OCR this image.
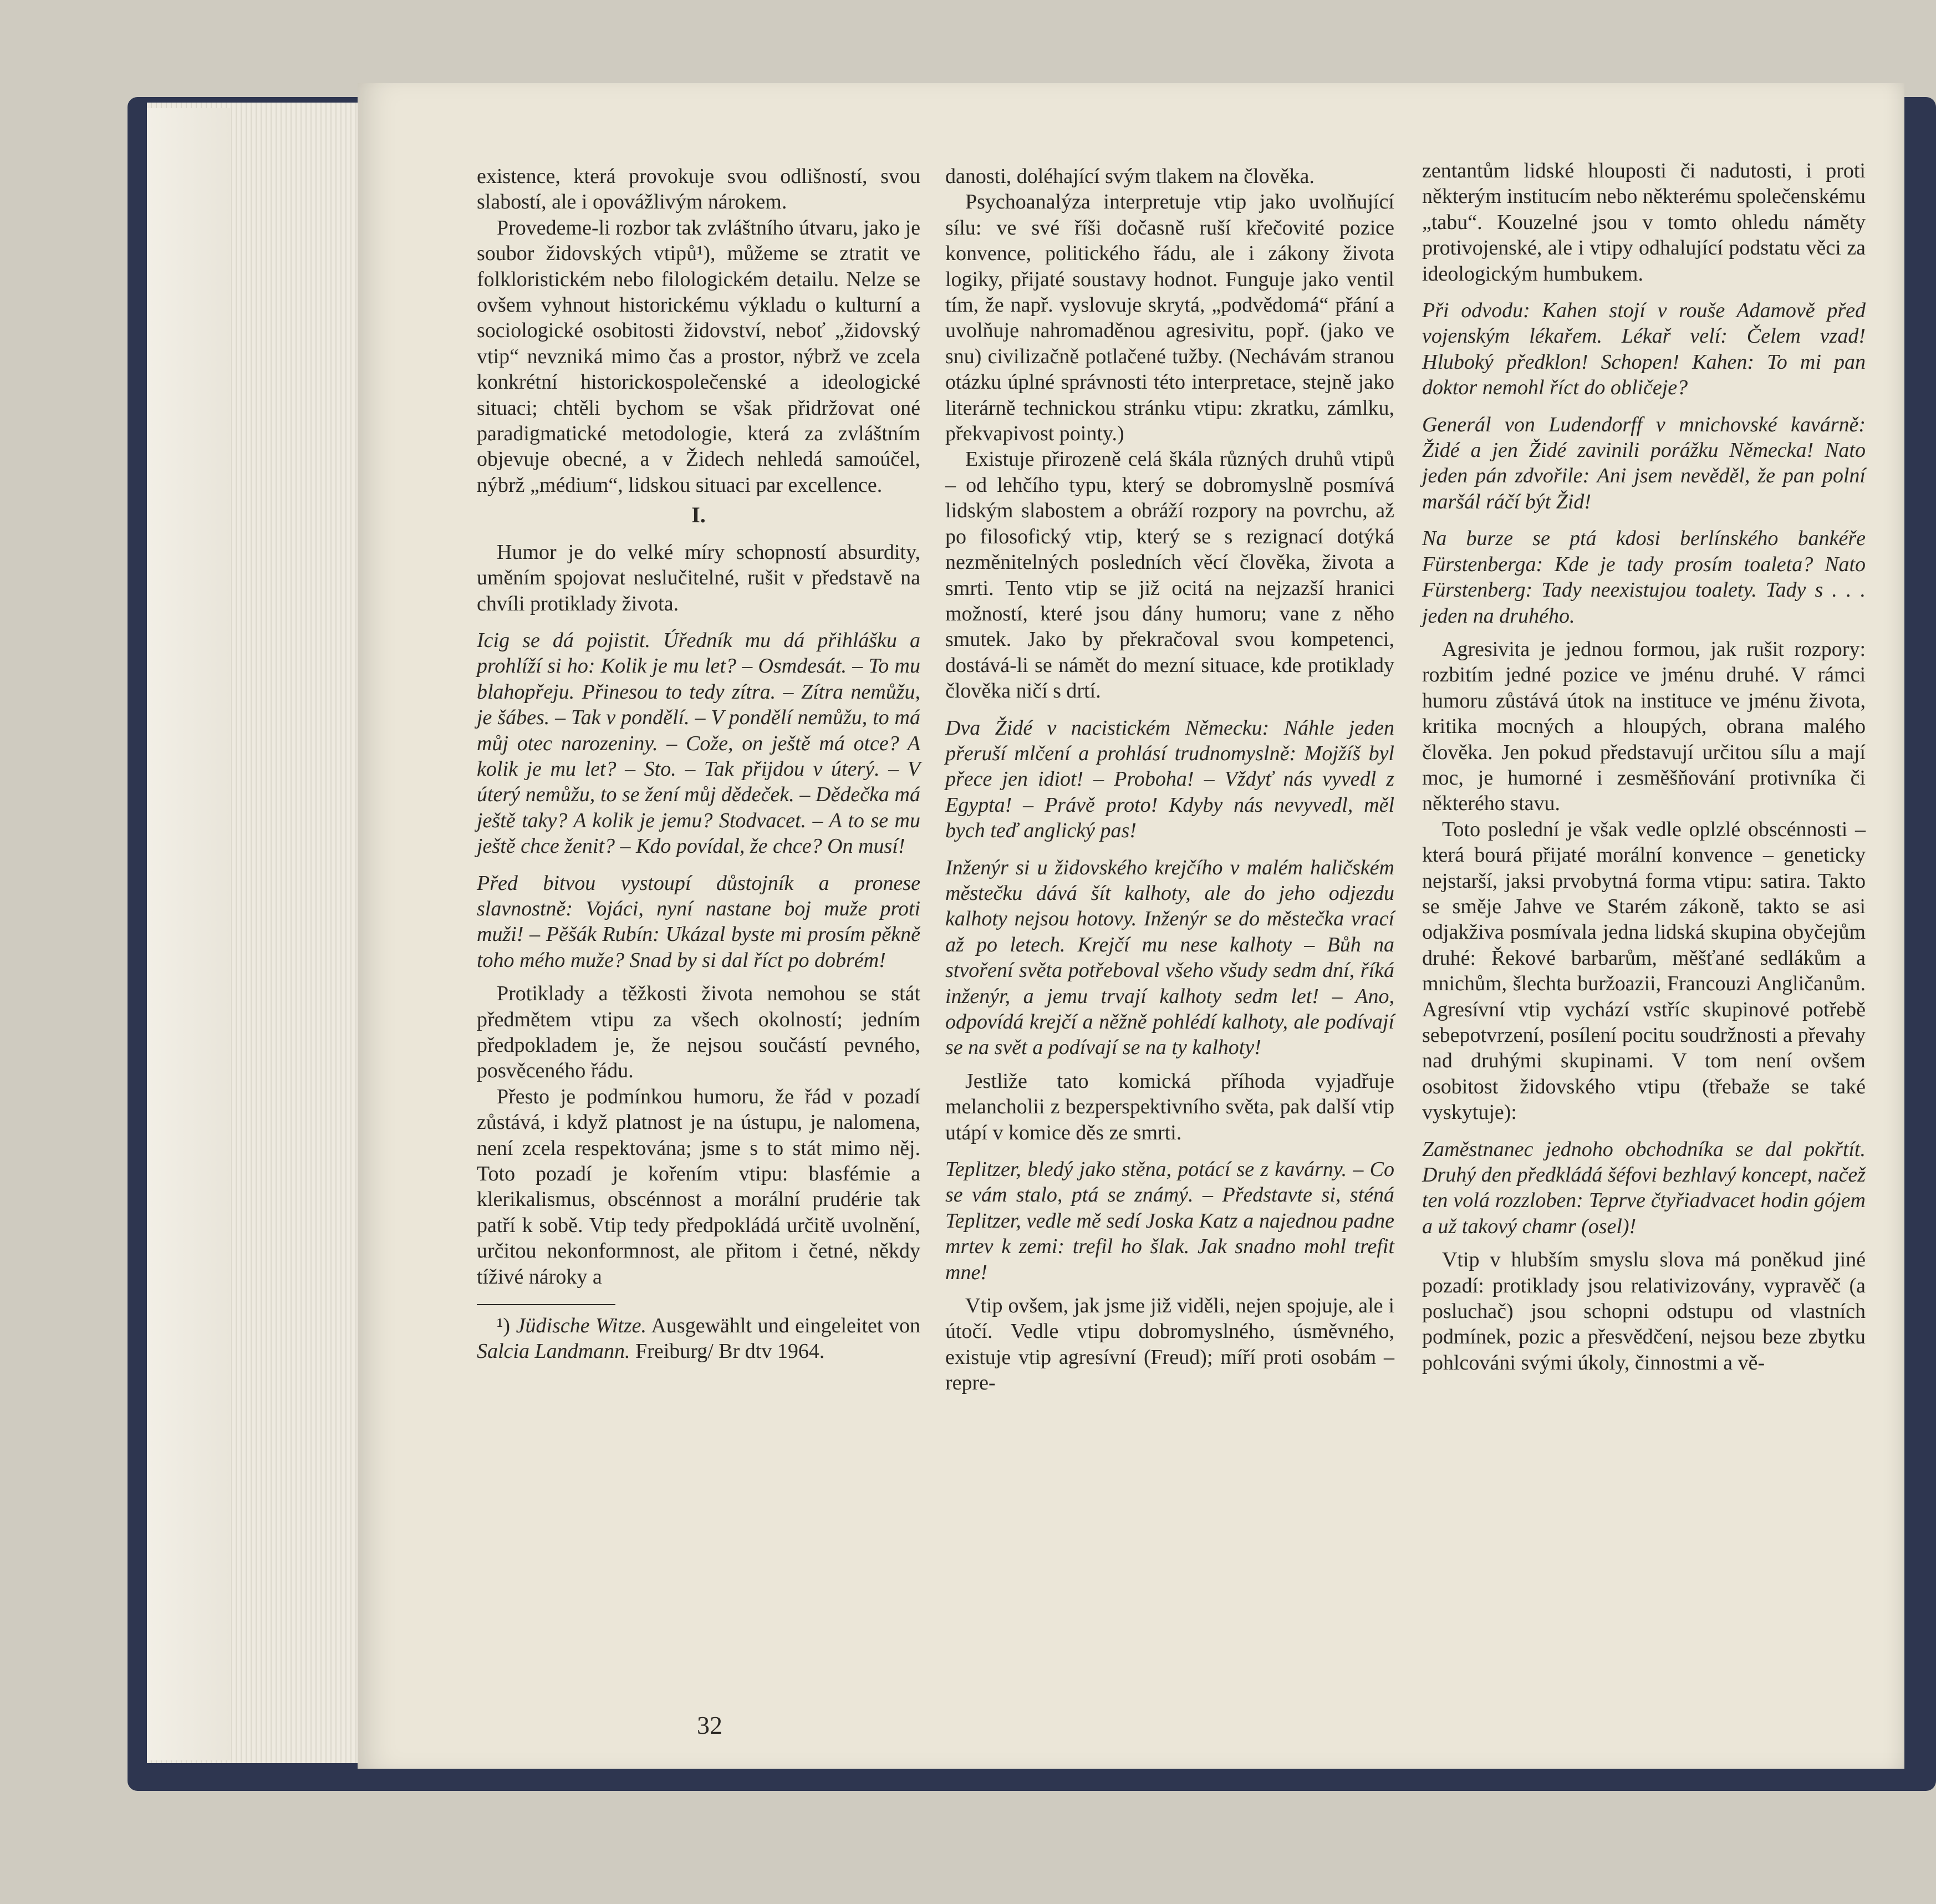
existence, která provokuje svou odlišností, svou slabostí, ale i opovážlivým nárokem.

Provedeme-li rozbor tak zvláštního útvaru, jako je soubor židovských vtipů¹), můžeme se ztratit ve folkloristickém nebo filologickém detailu. Nelze se ovšem vyhnout historickému výkladu o kulturní a sociologické osobitosti židovství, neboť „židovský vtip“ nevzniká mimo čas a prostor, nýbrž ve zcela konkrétní historickospolečenské a ideologické situaci; chtěli bychom se však přidržovat oné paradigmatické metodologie, která za zvláštním objevuje obecné, a v Židech nehledá samoúčel, nýbrž „médium“, lidskou situaci par excellence.

I.

Humor je do velké míry schopností absurdity, uměním spojovat neslučitelné, rušit v představě na chvíli protiklady života.

Icig se dá pojistit. Úředník mu dá přihlášku a prohlíží si ho: Kolik je mu let? – Osmdesát. – To mu blahopřeju. Přinesou to tedy zítra. – Zítra nemůžu, je šábes. – Tak v pondělí. – V pondělí nemůžu, to má můj otec narozeniny. – Cože, on ještě má otce? A kolik je mu let? – Sto. – Tak přijdou v úterý. – V úterý nemůžu, to se žení můj dědeček. – Dědečka má ještě taky? A kolik je jemu? Stodvacet. – A to se mu ještě chce ženit? – Kdo povídal, že chce? On musí!

Před bitvou vystoupí důstojník a pronese slavnostně: Vojáci, nyní nastane boj muže proti muži! – Pěšák Rubín: Ukázal byste mi prosím pěkně toho mého muže? Snad by si dal říct po dobrém!

Protiklady a těžkosti života nemohou se stát předmětem vtipu za všech okolností; jedním předpokladem je, že nejsou součástí pevného, posvěceného řádu.

Přesto je podmínkou humoru, že řád v pozadí zůstává, i když platnost je na ústupu, je nalomena, není zcela respektována; jsme s to stát mimo něj. Toto pozadí je kořením vtipu: blasfémie a klerikalismus, obscénnost a morální prudérie tak patří k sobě. Vtip tedy předpokládá určitě uvolnění, určitou nekonformnost, ale přitom i četné, někdy tíživé nároky a

¹) Jüdische Witze. Ausgewählt und eingeleitet von Salcia Landmann. Freiburg/ Br dtv 1964.

danosti, doléhající svým tlakem na člověka.

Psychoanalýza interpretuje vtip jako uvolňující sílu: ve své říši dočasně ruší křečovité pozice konvence, politického řádu, ale i zákony života logiky, přijaté soustavy hodnot. Funguje jako ventil tím, že např. vyslovuje skrytá, „podvědomá“ přání a uvolňuje nahromaděnou agresivitu, popř. (jako ve snu) civilizačně potlačené tužby. (Nechávám stranou otázku úplné správnosti této interpretace, stejně jako literárně technickou stránku vtipu: zkratku, zámlku, překvapivost pointy.)

Existuje přirozeně celá škála různých druhů vtipů – od lehčího typu, který se dobromyslně posmívá lidským slabostem a obráží rozpory na povrchu, až po filosofický vtip, který se s rezignací dotýká nezměnitelných posledních věcí člověka, života a smrti. Tento vtip se již ocitá na nejzazší hranici možností, které jsou dány humoru; vane z něho smutek. Jako by překračoval svou kompetenci, dostává-li se námět do mezní situace, kde protiklady člověka ničí s drtí.

Dva Židé v nacistickém Německu: Náhle jeden přeruší mlčení a prohlásí trudnomyslně: Mojžíš byl přece jen idiot! – Proboha! – Vždyť nás vyvedl z Egypta! – Právě proto! Kdyby nás nevyvedl, měl bych teď anglický pas!

Inženýr si u židovského krejčího v malém haličském městečku dává šít kalhoty, ale do jeho odjezdu kalhoty nejsou hotovy. Inženýr se do městečka vrací až po letech. Krejčí mu nese kalhoty – Bůh na stvoření světa potřeboval všeho všudy sedm dní, říká inženýr, a jemu trvají kalhoty sedm let! – Ano, odpovídá krejčí a něžně pohlédí kalhoty, ale podívají se na svět a podívají se na ty kalhoty!

Jestliže tato komická příhoda vyjadřuje melancholii z bezperspektivního světa, pak další vtip utápí v komice děs ze smrti.

Teplitzer, bledý jako stěna, potácí se z kavárny. – Co se vám stalo, ptá se známý. – Představte si, sténá Teplitzer, vedle mě sedí Joska Katz a najednou padne mrtev k zemi: trefil ho šlak. Jak snadno mohl trefit mne!

Vtip ovšem, jak jsme již viděli, nejen spojuje, ale i útočí. Vedle vtipu dobromyslného, úsměvného, existuje vtip agresívní (Freud); míří proti osobám – repre-

zentantům lidské hlouposti či nadutosti, i proti některým institucím nebo některému společenskému „tabu“. Kouzelné jsou v tomto ohledu náměty protivojenské, ale i vtipy odhalující podstatu věci za ideologickým humbukem.

Při odvodu: Kahen stojí v rouše Adamově před vojenským lékařem. Lékař velí: Čelem vzad! Hluboký předklon! Schopen! Kahen: To mi pan doktor nemohl říct do obličeje?

Generál von Ludendorff v mnichovské kavárně: Židé a jen Židé zavinili porážku Německa! Nato jeden pán zdvořile: Ani jsem nevěděl, že pan polní maršál ráčí být Žid!

Na burze se ptá kdosi berlínského bankéře Fürstenberga: Kde je tady prosím toaleta? Nato Fürstenberg: Tady neexistujou toalety. Tady s . . . jeden na druhého.

Agresivita je jednou formou, jak rušit rozpory: rozbitím jedné pozice ve jménu druhé. V rámci humoru zůstává útok na instituce ve jménu života, kritika mocných a hloupých, obrana malého člověka. Jen pokud představují určitou sílu a mají moc, je humorné i zesměšňování protivníka či některého stavu.

Toto poslední je však vedle oplzlé obscénnosti – která bourá přijaté morální konvence – geneticky nejstarší, jaksi prvobytná forma vtipu: satira. Takto se směje Jahve ve Starém zákoně, takto se asi odjakživa posmívala jedna lidská skupina obyčejům druhé: Řekové barbarům, měšťané sedlákům a mnichům, šlechta buržoazii, Francouzi Angličanům. Agresívní vtip vychází vstříc skupinové potřebě sebepotvrzení, posílení pocitu soudržnosti a převahy nad druhými skupinami. V tom není ovšem osobitost židovského vtipu (třebaže se také vyskytuje):

Zaměstnanec jednoho obchodníka se dal pokřtít. Druhý den předkládá šéfovi bezhlavý koncept, načež ten volá rozzloben: Teprve čtyřiadvacet hodin gójem a už takový chamr (osel)!

Vtip v hlubším smyslu slova má poněkud jiné pozadí: protiklady jsou relativizovány, vypravěč (a posluchač) jsou schopni odstupu od vlastních podmínek, pozic a přesvědčení, nejsou beze zbytku pohlcováni svými úkoly, činnostmi a vě-

32
